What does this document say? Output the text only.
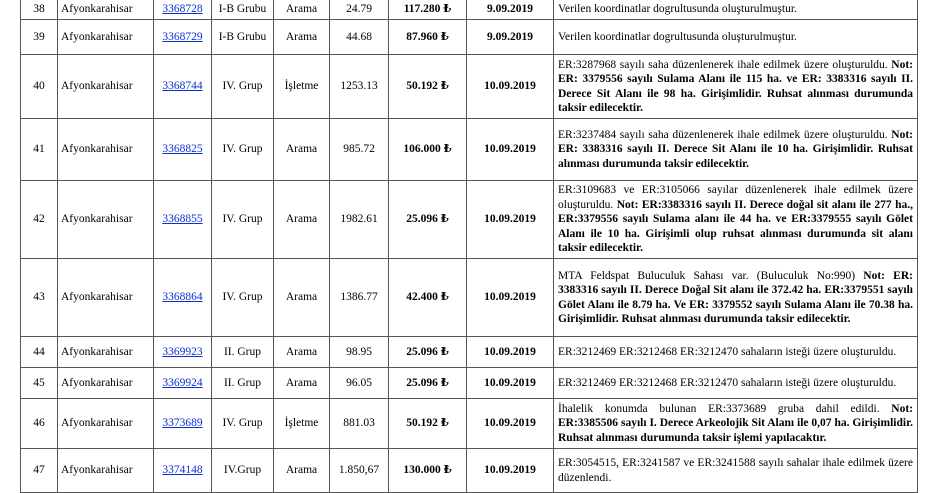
38	Afyonkarahisar	3368728	I-B Grubu	Arama	24.79	117.280 ₺	9.09.2019	Verilen koordinatlar dogrultusunda oluşturulmuştur.
39	Afyonkarahisar	3368729	I-B Grubu	Arama	44.68	87.960 ₺	9.09.2019	Verilen koordinatlar dogrultusunda oluşturulmuştur.
40	Afyonkarahisar	3368744	IV. Grup	İşletme	1253.13	50.192 ₺	10.09.2019	ER:3287968 sayılı saha düzenlenerek ihale edilmek üzere oluşturuldu. Not: ER: 3379556 sayılı Sulama Alanı ile 115 ha. ve ER: 3383316 sayılı II. Derece Sit Alanı ile 98 ha. Girişimlidir. Ruhsat alınması durumunda taksir edilecektir.
41	Afyonkarahisar	3368825	IV. Grup	Arama	985.72	106.000 ₺	10.09.2019	ER:3237484 sayılı saha düzenlenerek ihale edilmek üzere oluşturuldu. Not: ER: 3383316 sayılı II. Derece Sit Alanı ile 10 ha. Girişimlidir. Ruhsat alınması durumunda taksir edilecektir.
42	Afyonkarahisar	3368855	IV. Grup	Arama	1982.61	25.096 ₺	10.09.2019	ER:3109683 ve ER:3105066 sayılar düzenlenerek ihale edilmek üzere oluşturuldu. Not: ER:3383316 sayılı II. Derece doğal sit alanı ile 277 ha., ER:3379556 sayılı Sulama alanı ile 44 ha. ve ER:3379555 sayılı Gölet Alanı ile 10 ha. Girişimli olup ruhsat alınması durumunda sit alanı taksir edilecektir.
43	Afyonkarahisar	3368864	IV. Grup	Arama	1386.77	42.400 ₺	10.09.2019	MTA Feldspat Buluculuk Sahası var. (Buluculuk No:990) Not: ER: 3383316 sayılı II. Derece Doğal Sit alanı ile 372.42 ha. ER:3379551 sayılı Gölet Alanı ile 8.79 ha. Ve ER: 3379552 sayılı Sulama Alanı ile 70.38 ha. Girişimlidir. Ruhsat alınması durumunda taksir edilecektir.
44	Afyonkarahisar	3369923	II. Grup	Arama	98.95	25.096 ₺	10.09.2019	ER:3212469 ER:3212468 ER:3212470 sahaların isteği üzere oluşturuldu.
45	Afyonkarahisar	3369924	II. Grup	Arama	96.05	25.096 ₺	10.09.2019	ER:3212469 ER:3212468 ER:3212470 sahaların isteği üzere oluşturuldu.
46	Afyonkarahisar	3373689	IV. Grup	İşletme	881.03	50.192 ₺	10.09.2019	İhalelik konumda bulunan ER:3373689 gruba dahil edildi. Not: ER:3385506 sayılı I. Derece Arkeolojik Sit Alanı ile 0,07 ha. Girişimlidir. Ruhsat alınması durumunda taksir işlemi yapılacaktır.
47	Afyonkarahisar	3374148	IV.Grup	Arama	1.850,67	130.000 ₺	10.09.2019	ER:3054515, ER:3241587 ve ER:3241588 sayılı sahalar ihale edilmek üzere düzenlendi.
